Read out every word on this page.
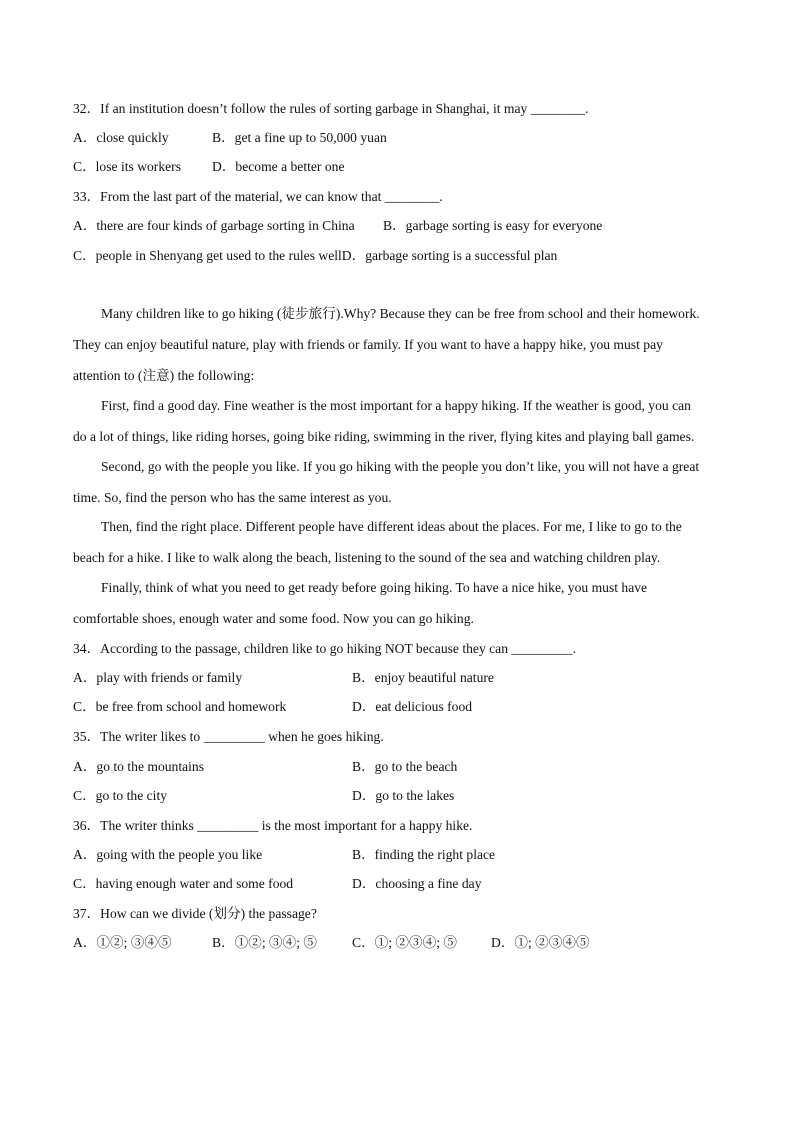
32．If an institution doesn’t follow the rules of sorting garbage in Shanghai, it may ________.
A．close quickly	B．get a fine up to 50,000 yuan
C．lose its workers D．become a better one
33．From the last part of the material, we can know that ________.
A．there are four kinds of garbage sorting in China B．garbage sorting is easy for everyone
C．people in Shenyang get used to the rules wellD．garbage sorting is a successful plan
Many children like to go hiking (徒步旅行).Why? Because they can be free from school and their homework.
They can enjoy beautiful nature, play with friends or family. If you want to have a happy hike, you must pay
attention to (注意) the following:
First, find a good day. Fine weather is the most important for a happy hiking. If the weather is good, you can
do a lot of things, like riding horses, going bike riding, swimming in the river, flying kites and playing ball games.
Second, go with the people you like. If you go hiking with the people you don’t like, you will not have a great
time. So, find the person who has the same interest as you.
Then, find the right place. Different people have different ideas about the places. For me, I like to go to the
beach for a hike. I like to walk along the beach, listening to the sound of the sea and watching children play.
Finally, think of what you need to get ready before going hiking. To have a nice hike, you must have
comfortable shoes, enough water and some food. Now you can go hiking.
34．According to the passage, children like to go hiking NOT because they can _________.
A．play with friends or family	B．enjoy beautiful nature
C．be free from school and homework	D．eat delicious food
35．The writer likes to _________ when he goes hiking.
A．go to the mountains	B．go to the beach
C．go to the city	D．go to the lakes
36．The writer thinks _________ is the most important for a happy hike.
A．going with the people you like	B．finding the right place
C．having enough water and some food	D．choosing a fine day
37．How can we divide (划分) the passage?
A．①②; ③④⑤	B．①②; ③④; ⑤	C．①; ②③④; ⑤	D．①; ②③④⑤
